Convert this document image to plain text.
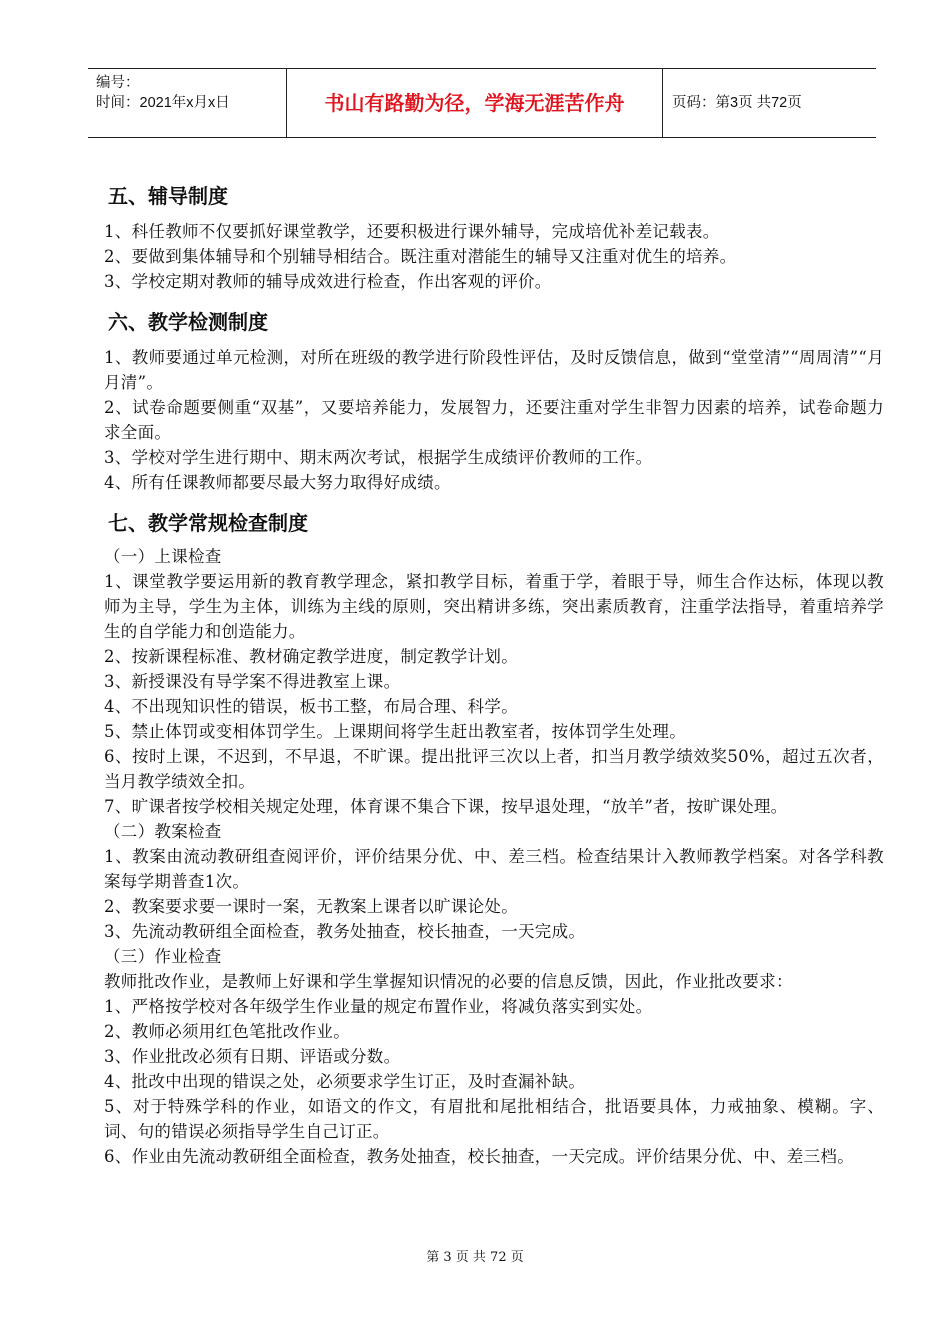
编号：
时间：2021年x月x日	书山有路勤为径，学海无涯苦作舟	页码：第3页 共72页
五、辅导制度

1、科任教师不仅要抓好课堂教学，还要积极进行课外辅导，完成培优补差记载表。

2、要做到集体辅导和个别辅导相结合。既注重对潜能生的辅导又注重对优生的培养。

3、学校定期对教师的辅导成效进行检查，作出客观的评价。

六、教学检测制度

1、教师要通过单元检测，对所在班级的教学进行阶段性评估，及时反馈信息，做到“堂堂清”“周周清”“月月清”。

2、试卷命题要侧重“双基”，又要培养能力，发展智力，还要注重对学生非智力因素的培养，试卷命题力求全面。

3、学校对学生进行期中、期末两次考试，根据学生成绩评价教师的工作。

4、所有任课教师都要尽最大努力取得好成绩。

七、教学常规检查制度

（一）上课检查

1、课堂教学要运用新的教育教学理念，紧扣教学目标，着重于学，着眼于导，师生合作达标，体现以教师为主导，学生为主体，训练为主线的原则，突出精讲多练，突出素质教育，注重学法指导，着重培养学生的自学能力和创造能力。

2、按新课程标准、教材确定教学进度，制定教学计划。

3、新授课没有导学案不得进教室上课。

4、不出现知识性的错误，板书工整，布局合理、科学。

5、禁止体罚或变相体罚学生。上课期间将学生赶出教室者，按体罚学生处理。

6、按时上课，不迟到，不早退，不旷课。提出批评三次以上者，扣当月教学绩效奖50%，超过五次者，当月教学绩效全扣。

7、旷课者按学校相关规定处理，体育课不集合下课，按早退处理，“放羊”者，按旷课处理。

（二）教案检查

1、教案由流动教研组查阅评价，评价结果分优、中、差三档。检查结果计入教师教学档案。对各学科教案每学期普查1次。

2、教案要求要一课时一案，无教案上课者以旷课论处。

3、先流动教研组全面检查，教务处抽查，校长抽查，一天完成。

（三）作业检查

教师批改作业，是教师上好课和学生掌握知识情况的必要的信息反馈，因此，作业批改要求：

1、严格按学校对各年级学生作业量的规定布置作业，将减负落实到实处。

2、教师必须用红色笔批改作业。

3、作业批改必须有日期、评语或分数。

4、批改中出现的错误之处，必须要求学生订正，及时查漏补缺。

5、对于特殊学科的作业，如语文的作文，有眉批和尾批相结合，批语要具体，力戒抽象、模糊。字、词、句的错误必须指导学生自己订正。

6、作业由先流动教研组全面检查，教务处抽查，校长抽查，一天完成。评价结果分优、中、差三档。

第 3 页 共 72 页
